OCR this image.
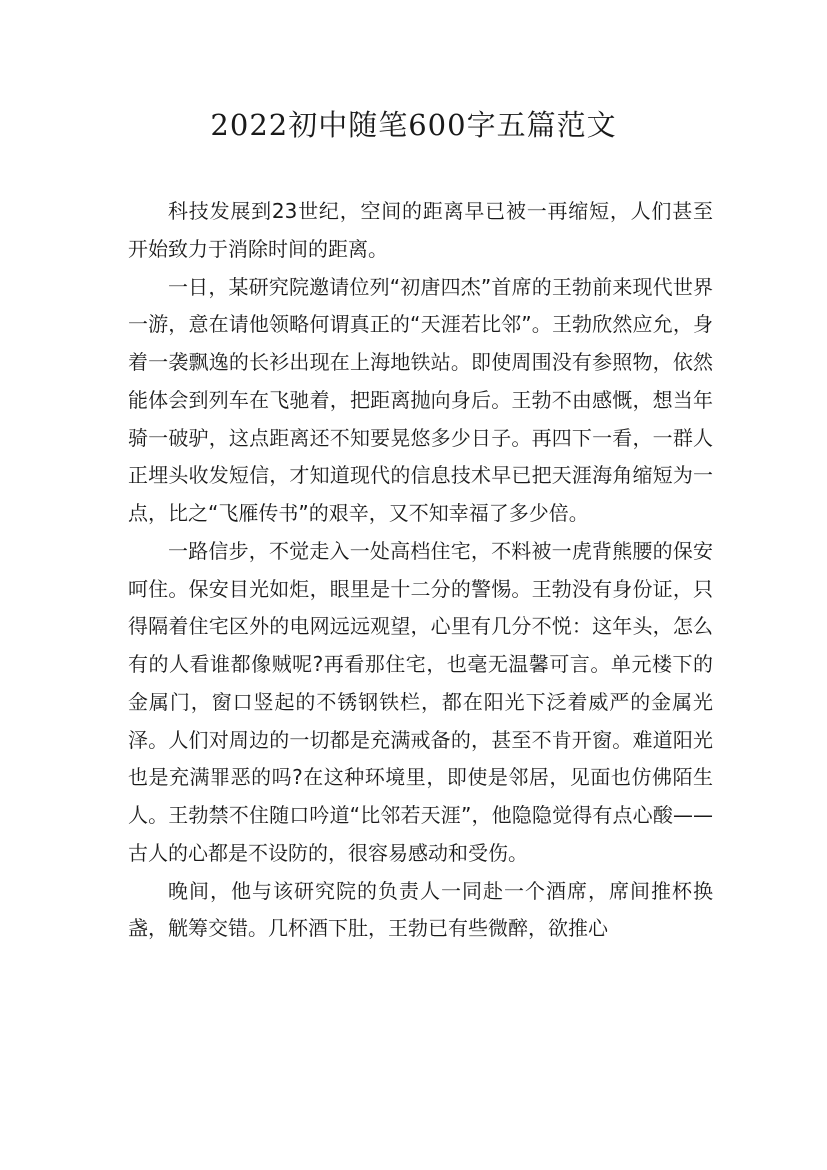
2022初中随笔600字五篇范文

科技发展到23世纪，空间的距离早已被一再缩短，人们甚至开始致力于消除时间的距离。

一日，某研究院邀请位列“初唐四杰”首席的王勃前来现代世界一游，意在请他领略何谓真正的“天涯若比邻”。王勃欣然应允，身着一袭飘逸的长衫出现在上海地铁站。即使周围没有参照物，依然能体会到列车在飞驰着，把距离抛向身后。王勃不由感慨，想当年骑一破驴，这点距离还不知要晃悠多少日子。再四下一看，一群人正埋头收发短信，才知道现代的信息技术早已把天涯海角缩短为一点，比之“飞雁传书”的艰辛，又不知幸福了多少倍。

一路信步，不觉走入一处高档住宅，不料被一虎背熊腰的保安呵住。保安目光如炬，眼里是十二分的警惕。王勃没有身份证，只得隔着住宅区外的电网远远观望，心里有几分不悦：这年头，怎么有的人看谁都像贼呢?再看那住宅，也毫无温馨可言。单元楼下的金属门，窗口竖起的不锈钢铁栏，都在阳光下泛着威严的金属光泽。人们对周边的一切都是充满戒备的，甚至不肯开窗。难道阳光也是充满罪恶的吗?在这种环境里，即使是邻居，见面也仿佛陌生人。王勃禁不住随口吟道“比邻若天涯”，他隐隐觉得有点心酸——古人的心都是不设防的，很容易感动和受伤。

晚间，他与该研究院的负责人一同赴一个酒席，席间推杯换盏，觥筹交错。几杯酒下肚，王勃已有些微醉，欲推心
